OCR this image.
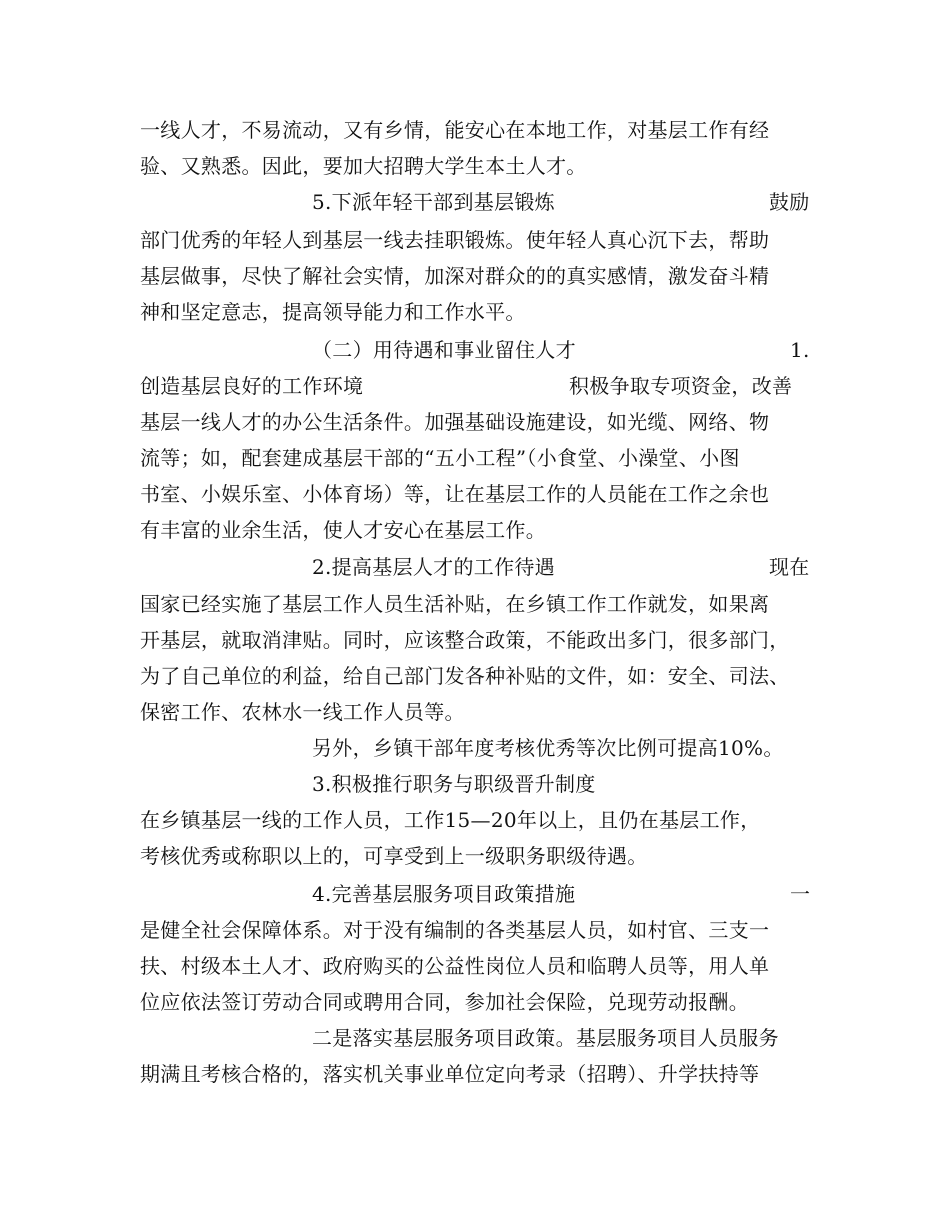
一线人才，不易流动，又有乡情，能安心在本地工作，对基层工作有经
验、又熟悉。因此，要加大招聘大学生本土人才。
5.下派年轻干部到基层锻炼	鼓励
部门优秀的年轻人到基层一线去挂职锻炼。使年轻人真心沉下去，帮助
基层做事，尽快了解社会实情，加深对群众的的真实感情，激发奋斗精
神和坚定意志，提高领导能力和工作水平。
（二）用待遇和事业留住人才	1.
创造基层良好的工作环境	积极争取专项资金，改善
基层一线人才的办公生活条件。加强基础设施建设，如光缆、网络、物
流等；如，配套建成基层干部的“五小工程”（小食堂、小澡堂、小图
书室、小娱乐室、小体育场）等，让在基层工作的人员能在工作之余也
有丰富的业余生活，使人才安心在基层工作。
2.提高基层人才的工作待遇	现在
国家已经实施了基层工作人员生活补贴，在乡镇工作工作就发，如果离
开基层，就取消津贴。同时，应该整合政策，不能政出多门，很多部门，
为了自己单位的利益，给自己部门发各种补贴的文件，如：安全、司法、
保密工作、农林水一线工作人员等。
另外，乡镇干部年度考核优秀等次比例可提高10%。
3.积极推行职务与职级晋升制度
在乡镇基层一线的工作人员，工作15—20年以上，且仍在基层工作，
考核优秀或称职以上的，可享受到上一级职务职级待遇。
4.完善基层服务项目政策措施	一
是健全社会保障体系。对于没有编制的各类基层人员，如村官、三支一
扶、村级本土人才、政府购买的公益性岗位人员和临聘人员等，用人单
位应依法签订劳动合同或聘用合同，参加社会保险，兑现劳动报酬。
二是落实基层服务项目政策。基层服务项目人员服务
期满且考核合格的，落实机关事业单位定向考录（招聘）、升学扶持等
